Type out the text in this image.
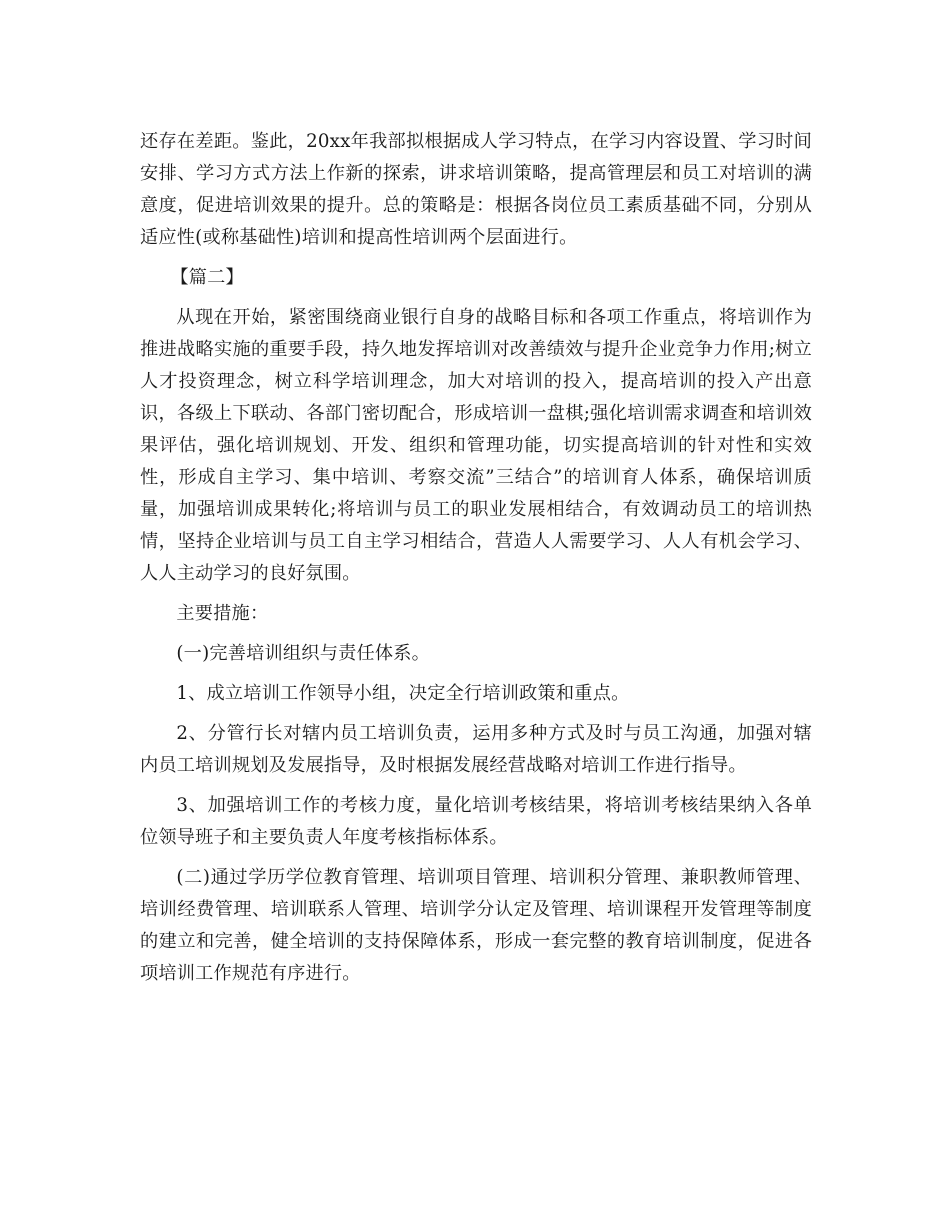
还存在差距。鉴此，20xx年我部拟根据成人学习特点，在学习内容设置、学习时间安排、学习方式方法上作新的探索，讲求培训策略，提高管理层和员工对培训的满意度，促进培训效果的提升。总的策略是：根据各岗位员工素质基础不同，分别从适应性(或称基础性)培训和提高性培训两个层面进行。

【篇二】

从现在开始，紧密围绕商业银行自身的战略目标和各项工作重点，将培训作为推进战略实施的重要手段，持久地发挥培训对改善绩效与提升企业竞争力作用;树立人才投资理念，树立科学培训理念，加大对培训的投入，提高培训的投入产出意识，各级上下联动、各部门密切配合，形成培训一盘棋;强化培训需求调查和培训效果评估，强化培训规划、开发、组织和管理功能，切实提高培训的针对性和实效性，形成自主学习、集中培训、考察交流”三结合”的培训育人体系，确保培训质量，加强培训成果转化;将培训与员工的职业发展相结合，有效调动员工的培训热情，坚持企业培训与员工自主学习相结合，营造人人需要学习、人人有机会学习、人人主动学习的良好氛围。

主要措施：

(一)完善培训组织与责任体系。

1、成立培训工作领导小组，决定全行培训政策和重点。

2、分管行长对辖内员工培训负责，运用多种方式及时与员工沟通，加强对辖内员工培训规划及发展指导，及时根据发展经营战略对培训工作进行指导。

3、加强培训工作的考核力度，量化培训考核结果，将培训考核结果纳入各单位领导班子和主要负责人年度考核指标体系。

(二)通过学历学位教育管理、培训项目管理、培训积分管理、兼职教师管理、培训经费管理、培训联系人管理、培训学分认定及管理、培训课程开发管理等制度的建立和完善，健全培训的支持保障体系，形成一套完整的教育培训制度，促进各项培训工作规范有序进行。
